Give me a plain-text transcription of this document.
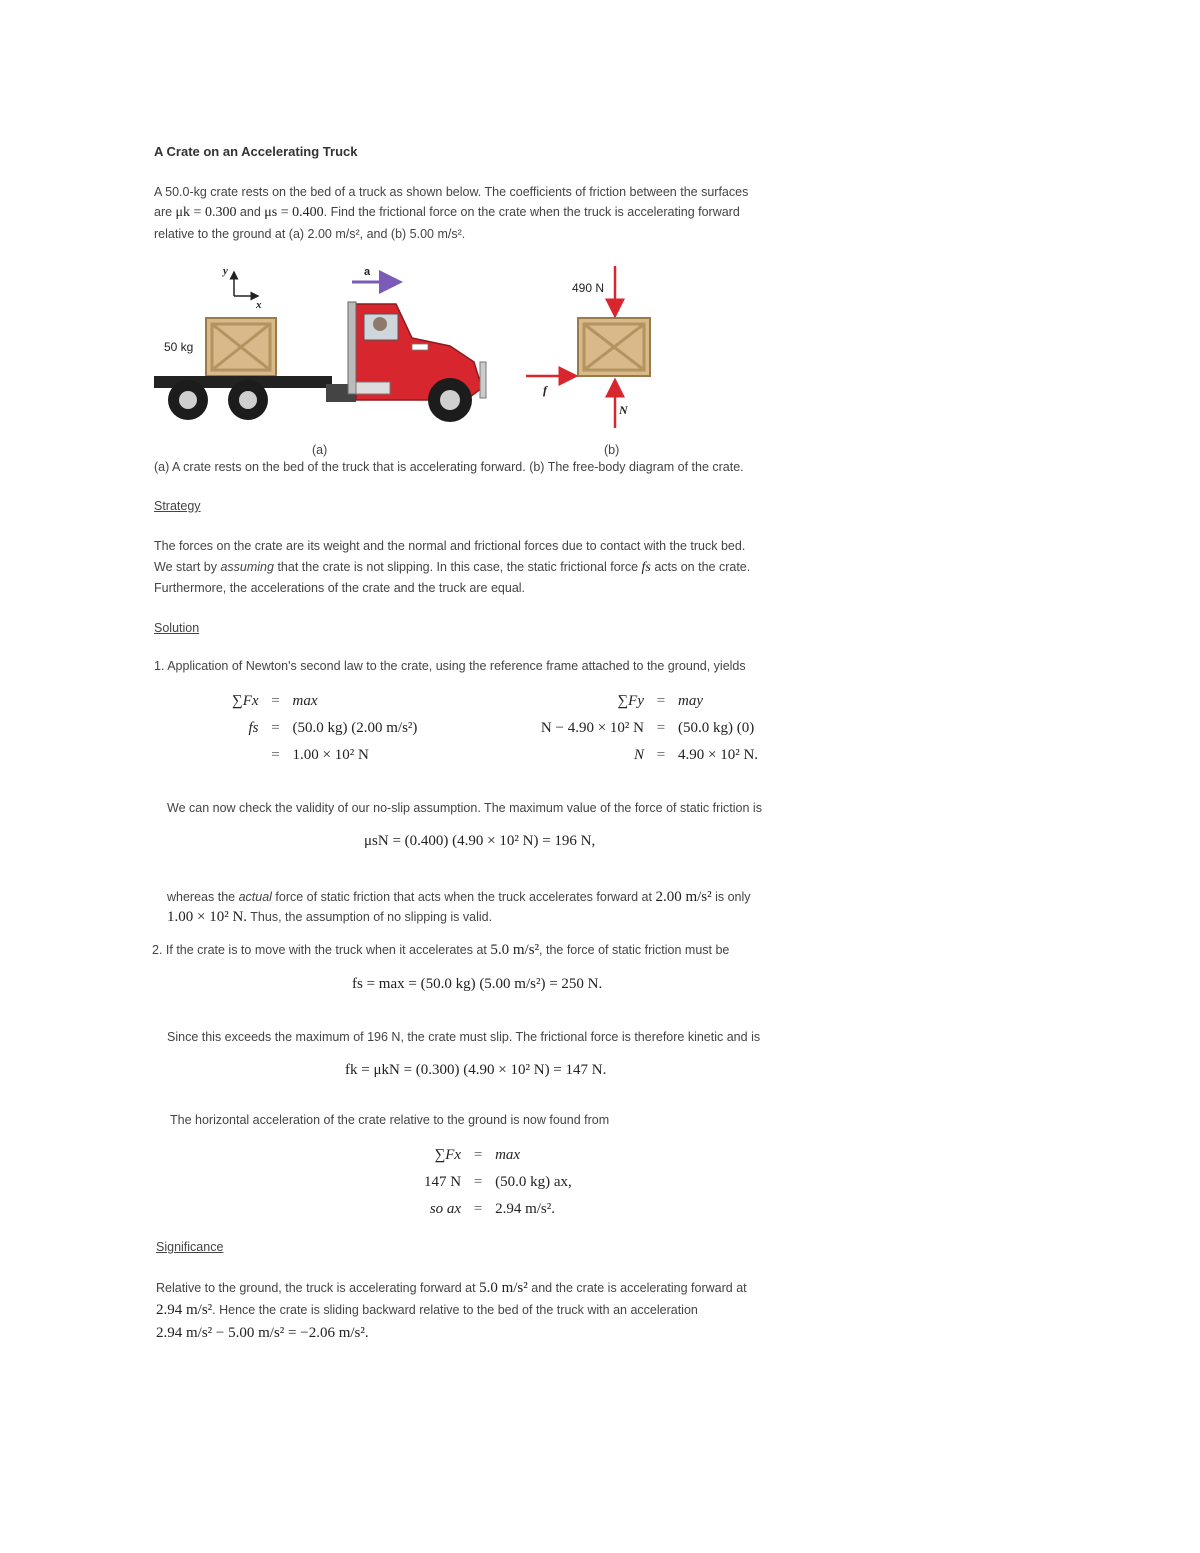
A Crate on an Accelerating Truck
A 50.0-kg crate rests on the bed of a truck as shown below. The coefficients of friction between the surfaces
are μk = 0.300 and μs = 0.400. Find the frictional force on the crate when the truck is accelerating forward
relative to the ground at (a) 2.00 m/s², and (b) 5.00 m/s².
y
x
a
50 kg
490 N
f
N
(a)	(b)
(a) A crate rests on the bed of the truck that is accelerating forward. (b) The free-body diagram of the crate.
Strategy
The forces on the crate are its weight and the normal and frictional forces due to contact with the truck bed.
We start by assuming that the crate is not slipping. In this case, the static frictional force fs acts on the crate.
Furthermore, the accelerations of the crate and the truck are equal.
Solution
1. Application of Newton's second law to the crate, using the reference frame attached to the ground, yields
∑Fx	=	max
fs	=	(50.0 kg) (2.00 m/s²)
	=	1.00 × 10² N
∑Fy	=	may
N − 4.90 × 10² N	=	(50.0 kg) (0)
N	=	4.90 × 10² N.
We can now check the validity of our no-slip assumption. The maximum value of the force of static friction is
μsN = (0.400) (4.90 × 10² N) = 196 N,
whereas the actual force of static friction that acts when the truck accelerates forward at 2.00 m/s² is only
1.00 × 10² N. Thus, the assumption of no slipping is valid.
2. If the crate is to move with the truck when it accelerates at 5.0 m/s², the force of static friction must be
fs = max = (50.0 kg) (5.00 m/s²) = 250 N.
Since this exceeds the maximum of 196 N, the crate must slip. The frictional force is therefore kinetic and is
fk = μkN = (0.300) (4.90 × 10² N) = 147 N.
The horizontal acceleration of the crate relative to the ground is now found from
∑Fx	=	max
147 N	=	(50.0 kg) ax,
so ax	=	2.94 m/s².
Significance
Relative to the ground, the truck is accelerating forward at 5.0 m/s² and the crate is accelerating forward at
2.94 m/s². Hence the crate is sliding backward relative to the bed of the truck with an acceleration
2.94 m/s² − 5.00 m/s² = −2.06 m/s².
